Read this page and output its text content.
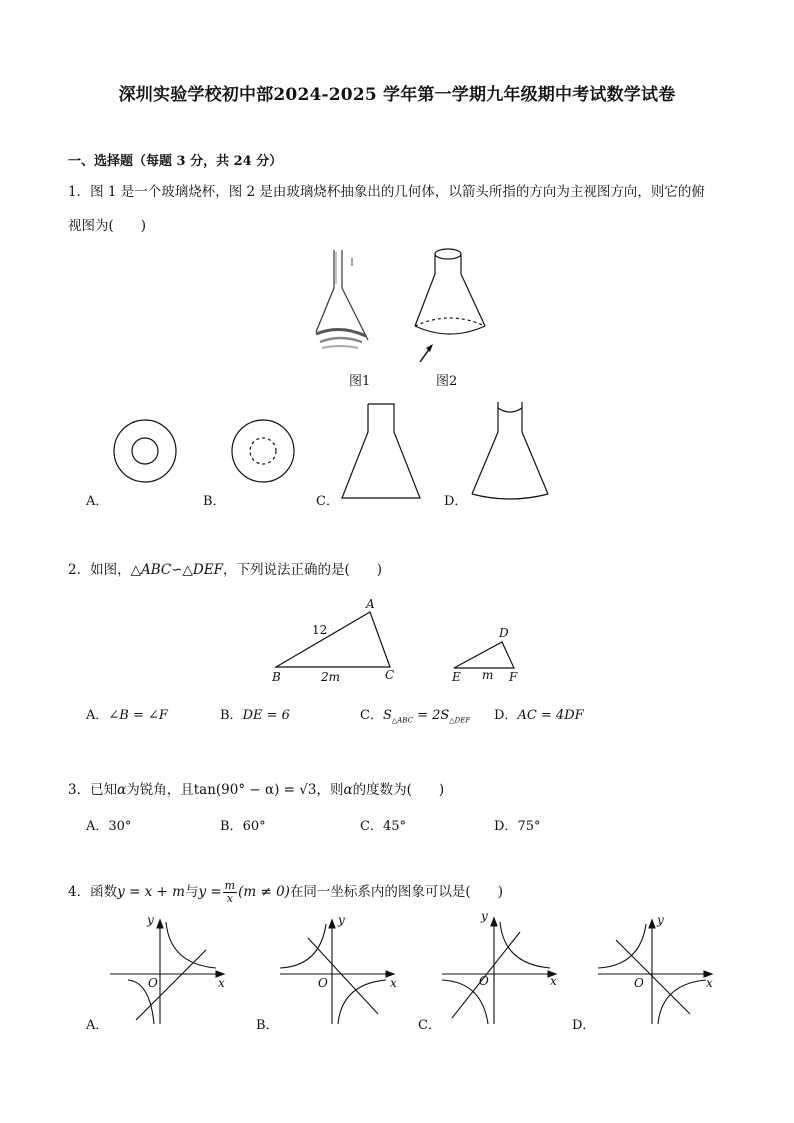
深圳实验学校初中部2024-2025 学年第一学期九年级期中考试数学试卷
一、选择题（每题 3 分，共 24 分）
1．图 1 是一个玻璃烧杯，图 2 是由玻璃烧杯抽象出的几何体，以箭头所指的方向为主视图方向，则它的俯
视图为(　　)
图1	图2
A．	B．	C．	D．
2．如图，△ABC∽△DEF，下列说法正确的是(　　)
A
B	C
12
2m
D
E	F
m
A．∠B = ∠F	B．DE = 6	C．$S_{\triangle ABC} = 2S_{\triangle DEF}$ D．AC = 4DF
3．已知α为锐角，且tan(90° − α) = √3，则α的度数为(　　)
A．30°	B．60°	C．45°	D．75°
4．函数y = x + m与$y = \frac{m}{x} (m \ne 0)$在同一坐标系内的图象可以是(　　)
y
x
O
A．
y
x
O
B．
y
x
O
C．
y
x
O
D．
